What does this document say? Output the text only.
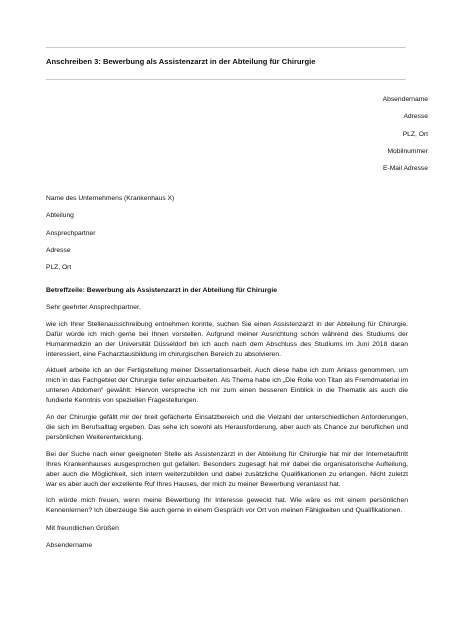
Anschreiben 3: Bewerbung als Assistenzarzt in der Abteilung für Chirurgie
Absendername
Adresse
PLZ, Ort
Mobilnummer
E-Mail Adresse
Name des Unternehmens (Krankenhaus X)
Abteilung
Ansprechpartner
Adresse
PLZ, Ort

Betreffzeile: Bewerbung als Assistenzarzt in der Abteilung für Chirurgie

Sehr geehrter Ansprechpartner,

wie ich Ihrer Stellenausschreibung entnehmen konnte, suchen Sie einen Assistenzarzt in der Abteilung für Chirurgie. Dafür würde ich mich gerne bei Ihnen vorstellen. Aufgrund meiner Ausrichtung schon während des Studiums der Humanmedizin an der Universität Düsseldorf bin ich auch nach dem Abschluss des Studiums im Juni 2018 daran interessiert, eine Facharztausbildung im chirurgischen Bereich zu absolvieren.

Aktuell arbeite ich an der Fertigstellung meiner Dissertationsarbeit. Auch diese habe ich zum Anlass genommen, um mich in das Fachgebiet der Chirurgie tiefer einzuarbeiten. Als Thema habe ich „Die Rolle von Titan als Fremdmaterial im unteren Abdomen“ gewählt: Hiervon verspreche ich mir zum einen besseren Einblick in die Thematik als auch die fundierte Kenntnis von speziellen Fragestellungen.

An der Chirurgie gefällt mir der breit gefächerte Einsatzbereich und die Vielzahl der unterschiedlichen Anforderungen, die sich im Berufsalltag ergeben. Das sehe ich sowohl als Herausforderung, aber auch als Chance zur beruflichen und persönlichen Weiterentwicklung.

Bei der Suche nach einer geeigneten Stelle als Assistenzarzt in der Abteilung für Chirurgie hat mir der Internetauftritt Ihres Krankenhauses ausgesprochen gut gefallen. Besonders zugesagt hat mir dabei die organisatorische Aufteilung, aber auch die Möglichkeit, sich intern weiterzubilden und dabei zusätzliche Qualifikationen zu erlangen. Nicht zuletzt war es aber auch der exzellente Ruf Ihres Hauses, der mich zu meiner Bewerbung veranlasst hat.

Ich würde mich freuen, wenn meine Bewerbung Ihr Interesse geweckt hat. Wie wäre es mit einem persönlichen Kennenlernen? Ich überzeuge Sie auch gerne in einem Gespräch vor Ort von meinen Fähigkeiten und Qualifikationen.

Mit freundlichen Grüßen

Absendername
